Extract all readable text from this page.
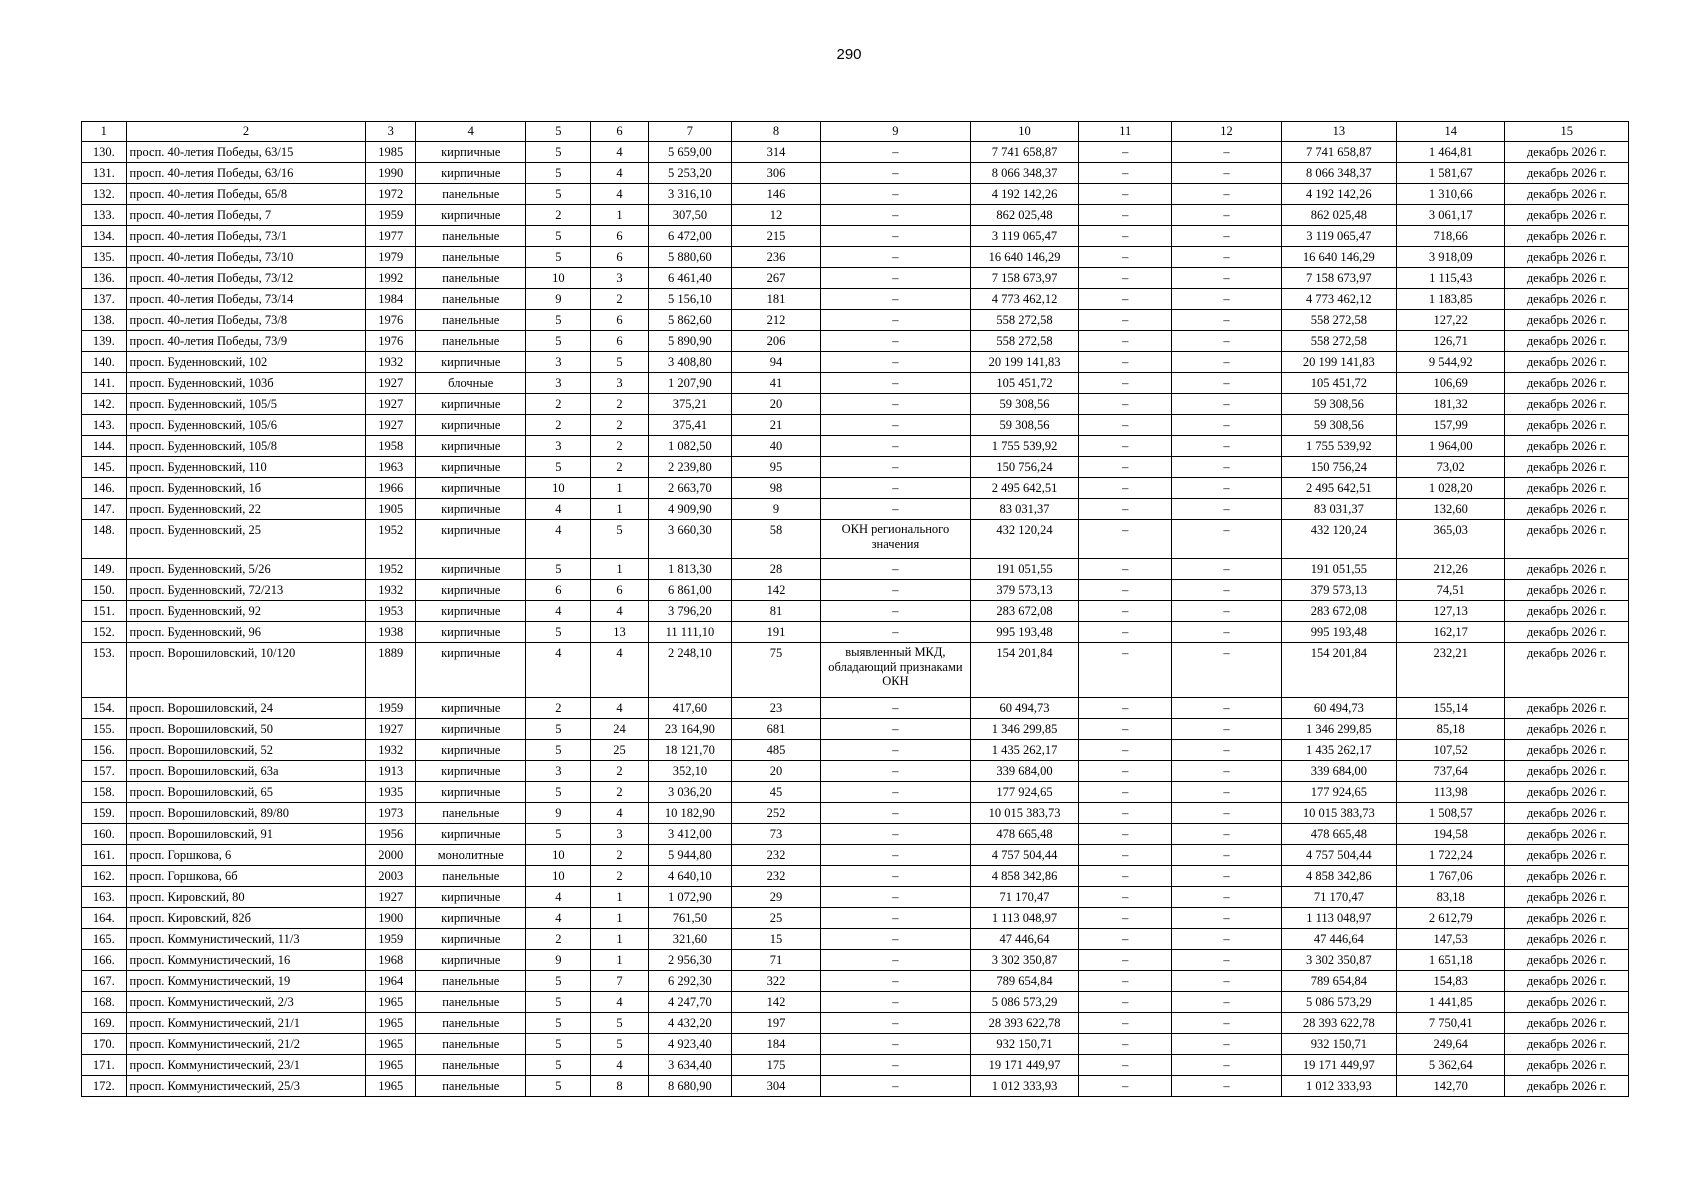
290
1	2	3	4	5	6	7	8	9	10	11	12	13	14	15
130.	просп. 40-летия Победы, 63/15	1985	кирпичные	5	4	5 659,00	314	–	7 741 658,87	–	–	7 741 658,87	1 464,81	декабрь 2026 г.
131.	просп. 40-летия Победы, 63/16	1990	кирпичные	5	4	5 253,20	306	–	8 066 348,37	–	–	8 066 348,37	1 581,67	декабрь 2026 г.
132.	просп. 40-летия Победы, 65/8	1972	панельные	5	4	3 316,10	146	–	4 192 142,26	–	–	4 192 142,26	1 310,66	декабрь 2026 г.
133.	просп. 40-летия Победы, 7	1959	кирпичные	2	1	307,50	12	–	862 025,48	–	–	862 025,48	3 061,17	декабрь 2026 г.
134.	просп. 40-летия Победы, 73/1	1977	панельные	5	6	6 472,00	215	–	3 119 065,47	–	–	3 119 065,47	718,66	декабрь 2026 г.
135.	просп. 40-летия Победы, 73/10	1979	панельные	5	6	5 880,60	236	–	16 640 146,29	–	–	16 640 146,29	3 918,09	декабрь 2026 г.
136.	просп. 40-летия Победы, 73/12	1992	панельные	10	3	6 461,40	267	–	7 158 673,97	–	–	7 158 673,97	1 115,43	декабрь 2026 г.
137.	просп. 40-летия Победы, 73/14	1984	панельные	9	2	5 156,10	181	–	4 773 462,12	–	–	4 773 462,12	1 183,85	декабрь 2026 г.
138.	просп. 40-летия Победы, 73/8	1976	панельные	5	6	5 862,60	212	–	558 272,58	–	–	558 272,58	127,22	декабрь 2026 г.
139.	просп. 40-летия Победы, 73/9	1976	панельные	5	6	5 890,90	206	–	558 272,58	–	–	558 272,58	126,71	декабрь 2026 г.
140.	просп. Буденновский, 102	1932	кирпичные	3	5	3 408,80	94	–	20 199 141,83	–	–	20 199 141,83	9 544,92	декабрь 2026 г.
141.	просп. Буденновский, 103б	1927	блочные	3	3	1 207,90	41	–	105 451,72	–	–	105 451,72	106,69	декабрь 2026 г.
142.	просп. Буденновский, 105/5	1927	кирпичные	2	2	375,21	20	–	59 308,56	–	–	59 308,56	181,32	декабрь 2026 г.
143.	просп. Буденновский, 105/6	1927	кирпичные	2	2	375,41	21	–	59 308,56	–	–	59 308,56	157,99	декабрь 2026 г.
144.	просп. Буденновский, 105/8	1958	кирпичные	3	2	1 082,50	40	–	1 755 539,92	–	–	1 755 539,92	1 964,00	декабрь 2026 г.
145.	просп. Буденновский, 110	1963	кирпичные	5	2	2 239,80	95	–	150 756,24	–	–	150 756,24	73,02	декабрь 2026 г.
146.	просп. Буденновский, 1б	1966	кирпичные	10	1	2 663,70	98	–	2 495 642,51	–	–	2 495 642,51	1 028,20	декабрь 2026 г.
147.	просп. Буденновский, 22	1905	кирпичные	4	1	4 909,90	9	–	83 031,37	–	–	83 031,37	132,60	декабрь 2026 г.
148.	просп. Буденновский, 25	1952	кирпичные	4	5	3 660,30	58	ОКН регионального значения	432 120,24	–	–	432 120,24	365,03	декабрь 2026 г.
149.	просп. Буденновский, 5/26	1952	кирпичные	5	1	1 813,30	28	–	191 051,55	–	–	191 051,55	212,26	декабрь 2026 г.
150.	просп. Буденновский, 72/213	1932	кирпичные	6	6	6 861,00	142	–	379 573,13	–	–	379 573,13	74,51	декабрь 2026 г.
151.	просп. Буденновский, 92	1953	кирпичные	4	4	3 796,20	81	–	283 672,08	–	–	283 672,08	127,13	декабрь 2026 г.
152.	просп. Буденновский, 96	1938	кирпичные	5	13	11 111,10	191	–	995 193,48	–	–	995 193,48	162,17	декабрь 2026 г.
153.	просп. Ворошиловский, 10/120	1889	кирпичные	4	4	2 248,10	75	выявленный МКД, обладающий признаками ОКН	154 201,84	–	–	154 201,84	232,21	декабрь 2026 г.
154.	просп. Ворошиловский, 24	1959	кирпичные	2	4	417,60	23	–	60 494,73	–	–	60 494,73	155,14	декабрь 2026 г.
155.	просп. Ворошиловский, 50	1927	кирпичные	5	24	23 164,90	681	–	1 346 299,85	–	–	1 346 299,85	85,18	декабрь 2026 г.
156.	просп. Ворошиловский, 52	1932	кирпичные	5	25	18 121,70	485	–	1 435 262,17	–	–	1 435 262,17	107,52	декабрь 2026 г.
157.	просп. Ворошиловский, 63а	1913	кирпичные	3	2	352,10	20	–	339 684,00	–	–	339 684,00	737,64	декабрь 2026 г.
158.	просп. Ворошиловский, 65	1935	кирпичные	5	2	3 036,20	45	–	177 924,65	–	–	177 924,65	113,98	декабрь 2026 г.
159.	просп. Ворошиловский, 89/80	1973	панельные	9	4	10 182,90	252	–	10 015 383,73	–	–	10 015 383,73	1 508,57	декабрь 2026 г.
160.	просп. Ворошиловский, 91	1956	кирпичные	5	3	3 412,00	73	–	478 665,48	–	–	478 665,48	194,58	декабрь 2026 г.
161.	просп. Горшкова, 6	2000	монолитные	10	2	5 944,80	232	–	4 757 504,44	–	–	4 757 504,44	1 722,24	декабрь 2026 г.
162.	просп. Горшкова, 6б	2003	панельные	10	2	4 640,10	232	–	4 858 342,86	–	–	4 858 342,86	1 767,06	декабрь 2026 г.
163.	просп. Кировский, 80	1927	кирпичные	4	1	1 072,90	29	–	71 170,47	–	–	71 170,47	83,18	декабрь 2026 г.
164.	просп. Кировский, 82б	1900	кирпичные	4	1	761,50	25	–	1 113 048,97	–	–	1 113 048,97	2 612,79	декабрь 2026 г.
165.	просп. Коммунистический, 11/3	1959	кирпичные	2	1	321,60	15	–	47 446,64	–	–	47 446,64	147,53	декабрь 2026 г.
166.	просп. Коммунистический, 16	1968	кирпичные	9	1	2 956,30	71	–	3 302 350,87	–	–	3 302 350,87	1 651,18	декабрь 2026 г.
167.	просп. Коммунистический, 19	1964	панельные	5	7	6 292,30	322	–	789 654,84	–	–	789 654,84	154,83	декабрь 2026 г.
168.	просп. Коммунистический, 2/3	1965	панельные	5	4	4 247,70	142	–	5 086 573,29	–	–	5 086 573,29	1 441,85	декабрь 2026 г.
169.	просп. Коммунистический, 21/1	1965	панельные	5	5	4 432,20	197	–	28 393 622,78	–	–	28 393 622,78	7 750,41	декабрь 2026 г.
170.	просп. Коммунистический, 21/2	1965	панельные	5	5	4 923,40	184	–	932 150,71	–	–	932 150,71	249,64	декабрь 2026 г.
171.	просп. Коммунистический, 23/1	1965	панельные	5	4	3 634,40	175	–	19 171 449,97	–	–	19 171 449,97	5 362,64	декабрь 2026 г.
172.	просп. Коммунистический, 25/3	1965	панельные	5	8	8 680,90	304	–	1 012 333,93	–	–	1 012 333,93	142,70	декабрь 2026 г.
